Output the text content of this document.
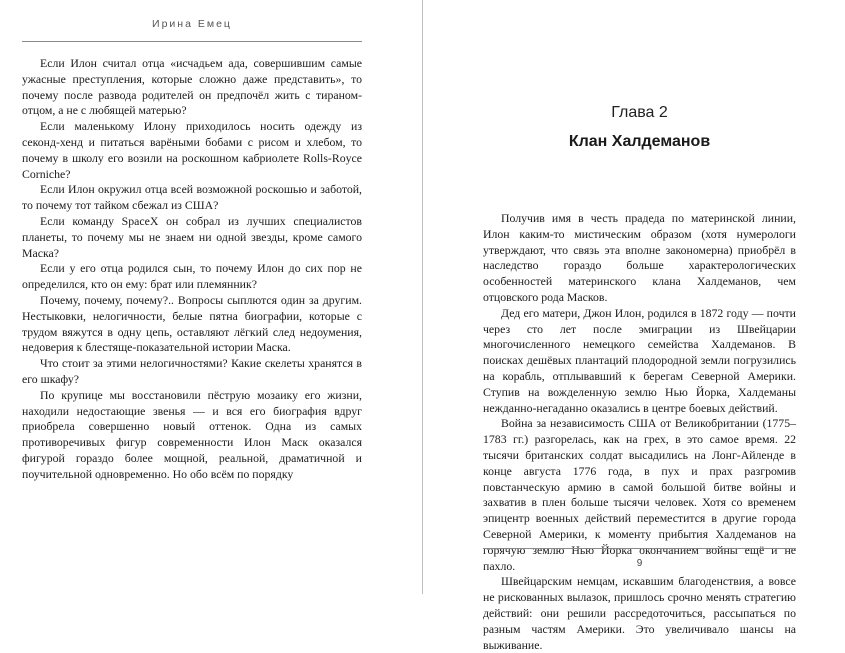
Ирина Емец

Если Илон считал отца «исчадьем ада, совершившим самые ужасные преступления, которые сложно даже представить», то почему после развода родителей он предпочёл жить с тираном-отцом, а не с любящей матерью?

Если маленькому Илону приходилось носить одежду из секонд-хенд и питаться варёными бобами с рисом и хлебом, то почему в школу его возили на роскошном кабриолете Rolls-Royce Corniche?

Если Илон окружил отца всей возможной роскошью и заботой, то почему тот тайком сбежал из США?

Если команду SpaceX он собрал из лучших специалистов планеты, то почему мы не знаем ни одной звезды, кроме самого Маска?

Если у его отца родился сын, то почему Илон до сих пор не определился, кто он ему: брат или племянник?

Почему, почему, почему?.. Вопросы сыплются один за другим. Нестыковки, нелогичности, белые пятна биографии, которые с трудом вяжутся в одну цепь, оставляют лёгкий след недоумения, недоверия к блестяще-показательной истории Маска.

Что стоит за этими нелогичностями? Какие скелеты хранятся в его шкафу?

По крупице мы восстановили пёструю мозаику его жизни, находили недостающие звенья — и вся его биография вдруг приобрела совершенно новый оттенок. Одна из самых противоречивых фигур современности Илон Маск оказался фигурой гораздо более мощной, реальной, драматичной и поучительной одновременно. Но обо всём по порядку

Глава 2
Клан Халдеманов

Получив имя в честь прадеда по материнской линии, Илон каким-то мистическим образом (хотя нумерологи утверждают, что связь эта вполне закономерна) приобрёл в наследство гораздо больше характерологических особенностей материнского клана Халдеманов, чем отцовского рода Масков.

Дед его матери, Джон Илон, родился в 1872 году — почти через сто лет после эмиграции из Швейцарии многочисленного немецкого семейства Халдеманов. В поисках дешёвых плантаций плодородной земли погрузились на корабль, отплывавший к берегам Северной Америки. Ступив на вожделенную землю Нью Йорка, Халдеманы нежданно-негаданно оказались в центре боевых действий.

Война за независимость США от Великобритании (1775–1783 гг.) разгорелась, как на грех, в это самое время. 22 тысячи британских солдат высадились на Лонг-Айленде в конце августа 1776 года, в пух и прах разгромив повстанческую армию в самой большой битве войны и захватив в плен больше тысячи человек. Хотя со временем эпицентр военных действий переместится в другие города Северной Америки, к моменту прибытия Халдеманов на горячую землю Нью Йорка окончанием войны ещё и не пахло.

Швейцарским немцам, искавшим благоденствия, а вовсе не рискованных вылазок, пришлось срочно менять стратегию действий: они решили рассредоточиться, рассыпаться по разным частям Америки. Это увеличивало шансы на выживание.

9
